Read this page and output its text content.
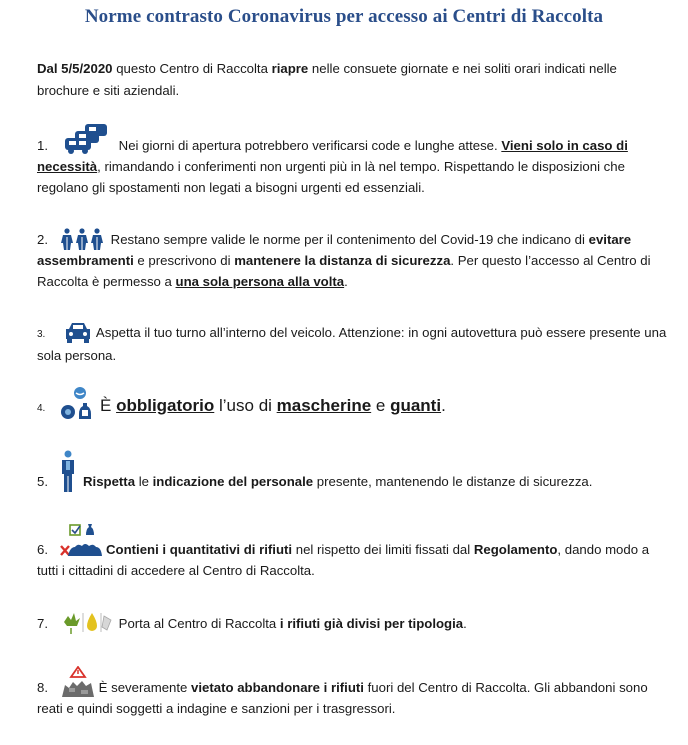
Norme contrasto Coronavirus per accesso ai Centri di Raccolta
Dal 5/5/2020 questo Centro di Raccolta riapre nelle consuete giornate e nei soliti orari indicati nelle brochure e siti aziendali.
1.	Nei giorni di apertura potrebbero verificarsi code e lunghe attese. Vieni solo in caso di necessità, rimandando i conferimenti non urgenti più in là nel tempo. Rispettando le disposizioni che regolano gli spostamenti non legati a bisogni urgenti ed essenziali.
2.	Restano sempre valide le norme per il contenimento del Covid-19 che indicano di evitare assembramenti e prescrivono di mantenere la distanza di sicurezza. Per questo l’accesso al Centro di Raccolta è permesso a una sola persona alla volta.
3.	Aspetta il tuo turno all’interno del veicolo. Attenzione: in ogni autovettura può essere presente una sola persona.
4.	È obbligatorio l’uso di mascherine e guanti.
5.	Rispetta le indicazione del personale presente, mantenendo le distanze di sicurezza.
6.	Contieni i quantitativi di rifiuti nel rispetto dei limiti fissati dal Regolamento, dando modo a tutti i cittadini di accedere al Centro di Raccolta.
7.	Porta al Centro di Raccolta i rifiuti già divisi per tipologia.
8.	È severamente vietato abbandonare i rifiuti fuori del Centro di Raccolta. Gli abbandoni sono reati e quindi soggetti a indagine e sanzioni per i trasgressori.
